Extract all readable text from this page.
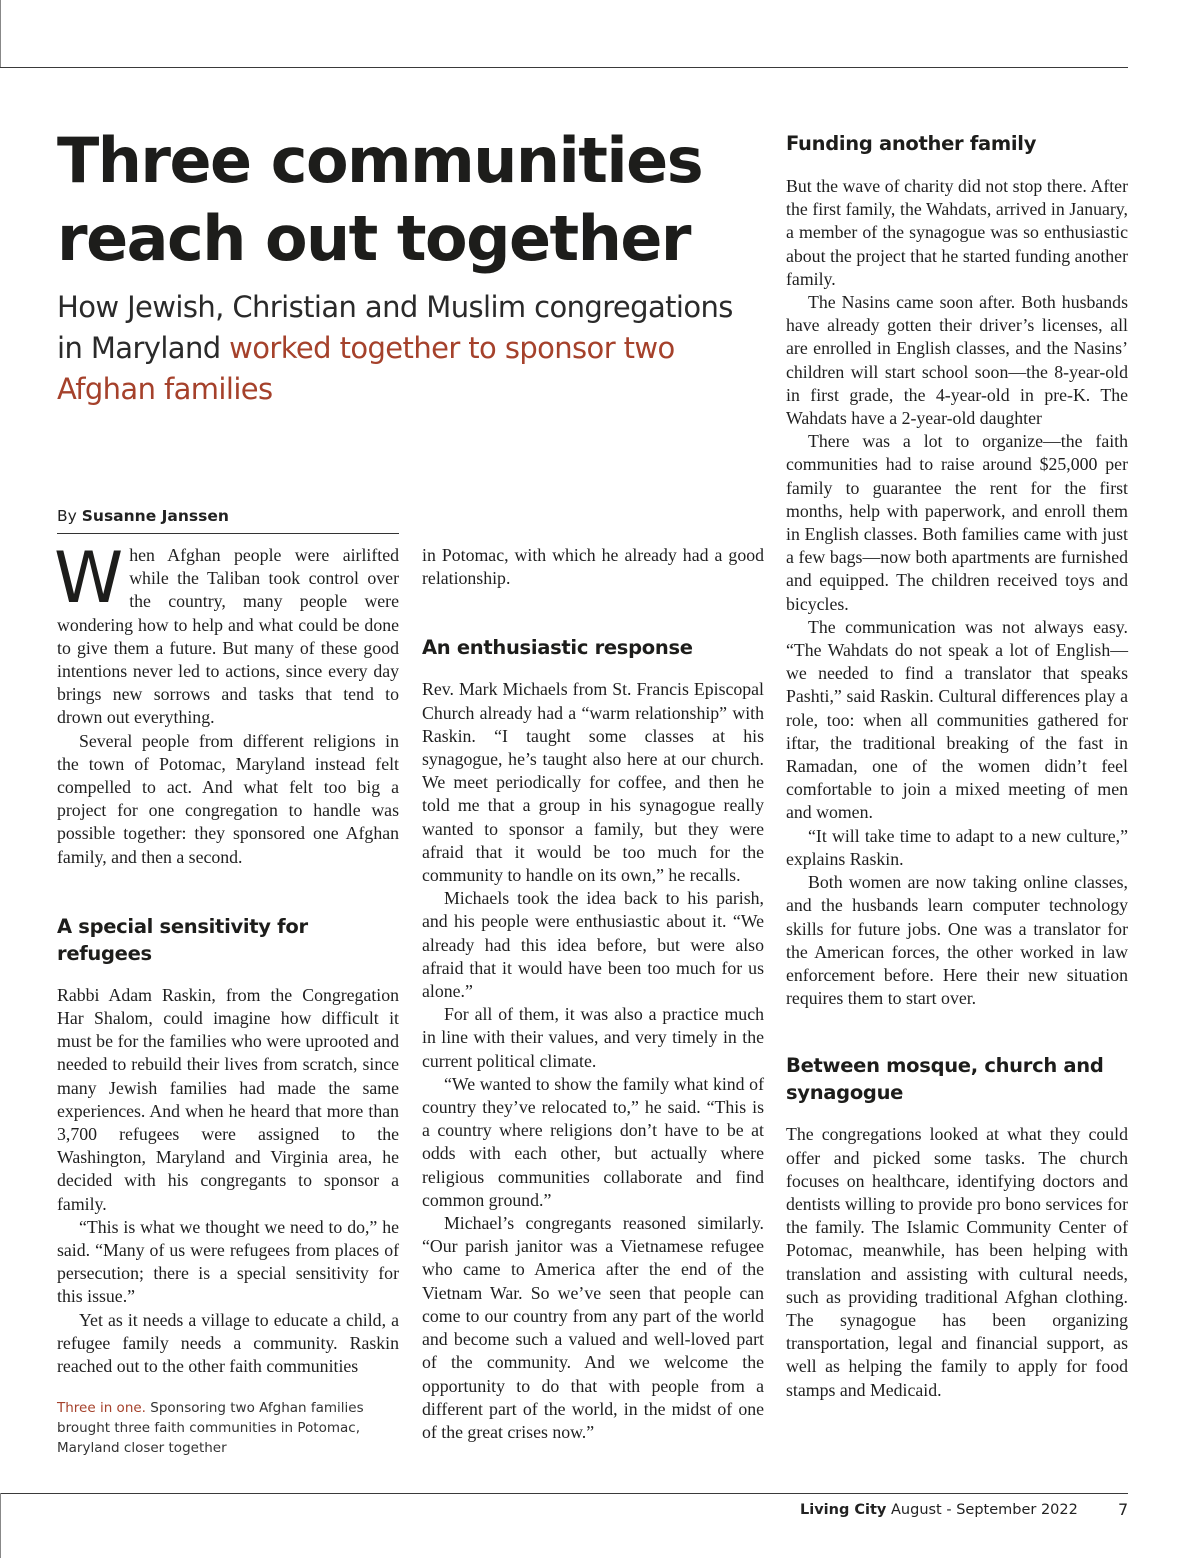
Three communities reach out together
How Jewish, Christian and Muslim congregations in Maryland worked together to sponsor two Afghan families
By Susanne Janssen

When Afghan people were airlifted while the Taliban took control over the country, many people were wondering how to help and what could be done to give them a future. But many of these good intentions never led to actions, since every day brings new sorrows and tasks that tend to drown out everything.

Several people from different religions in the town of Potomac, Maryland instead felt compelled to act. And what felt too big a project for one congregation to handle was possible together: they sponsored one Afghan family, and then a second.

A special sensitivity for refugees

Rabbi Adam Raskin, from the Congregation Har Shalom, could imagine how difficult it must be for the families who were uprooted and needed to rebuild their lives from scratch, since many Jewish families had made the same experiences. And when he heard that more than 3,700 refugees were assigned to the Washington, Maryland and Virginia area, he decided with his congregants to sponsor a family.

“This is what we thought we need to do,” he said. “Many of us were refugees from places of persecution; there is a special sensitivity for this issue.”

Yet as it needs a village to educate a child, a refugee family needs a community. Raskin reached out to the other faith communities

Three in one. Sponsoring two Afghan families brought three faith communities in Potomac, Maryland closer together

in Potomac, with which he already had a good relationship.

An enthusiastic response

Rev. Mark Michaels from St. Francis Episcopal Church already had a “warm relationship” with Raskin. “I taught some classes at his synagogue, he’s taught also here at our church. We meet periodically for coffee, and then he told me that a group in his synagogue really wanted to sponsor a family, but they were afraid that it would be too much for the community to handle on its own,” he recalls.

Michaels took the idea back to his parish, and his people were enthusiastic about it. “We already had this idea before, but were also afraid that it would have been too much for us alone.”

For all of them, it was also a practice much in line with their values, and very timely in the current political climate.

“We wanted to show the family what kind of country they’ve relocated to,” he said. “This is a country where religions don’t have to be at odds with each other, but actually where religious communities collaborate and find common ground.”

Michael’s congregants reasoned similarly. “Our parish janitor was a Vietnamese refugee who came to America after the end of the Vietnam War. So we’ve seen that people can come to our country from any part of the world and become such a valued and well-loved part of the community. And we welcome the opportunity to do that with people from a different part of the world, in the midst of one of the great crises now.”

Funding another family

But the wave of charity did not stop there. After the first family, the Wahdats, arrived in January, a member of the synagogue was so enthusiastic about the project that he started funding another family.

The Nasins came soon after. Both husbands have already gotten their driver’s licenses, all are enrolled in English classes, and the Nasins’ children will start school soon—the 8-year-old in first grade, the 4-year-old in pre-K. The Wahdats have a 2-year-old daughter

There was a lot to organize—the faith communities had to raise around $25,000 per family to guarantee the rent for the first months, help with paperwork, and enroll them in English classes. Both families came with just a few bags—now both apartments are furnished and equipped. The children received toys and bicycles.

The communication was not always easy. “The Wahdats do not speak a lot of English—we needed to find a translator that speaks Pashti,” said Raskin. Cultural differences play a role, too: when all communities gathered for iftar, the traditional breaking of the fast in Ramadan, one of the women didn’t feel comfortable to join a mixed meeting of men and women.

“It will take time to adapt to a new culture,” explains Raskin.

Both women are now taking online classes, and the husbands learn computer technology skills for future jobs. One was a translator for the American forces, the other worked in law enforcement before. Here their new situation requires them to start over.

Between mosque, church and synagogue

The congregations looked at what they could offer and picked some tasks. The church focuses on healthcare, identifying doctors and dentists willing to provide pro bono services for the family. The Islamic Community Center of Potomac, meanwhile, has been helping with translation and assisting with cultural needs, such as providing traditional Afghan clothing. The synagogue has been organizing transportation, legal and financial support, as well as helping the family to apply for food stamps and Medicaid.

Living City August - September 2022	7
